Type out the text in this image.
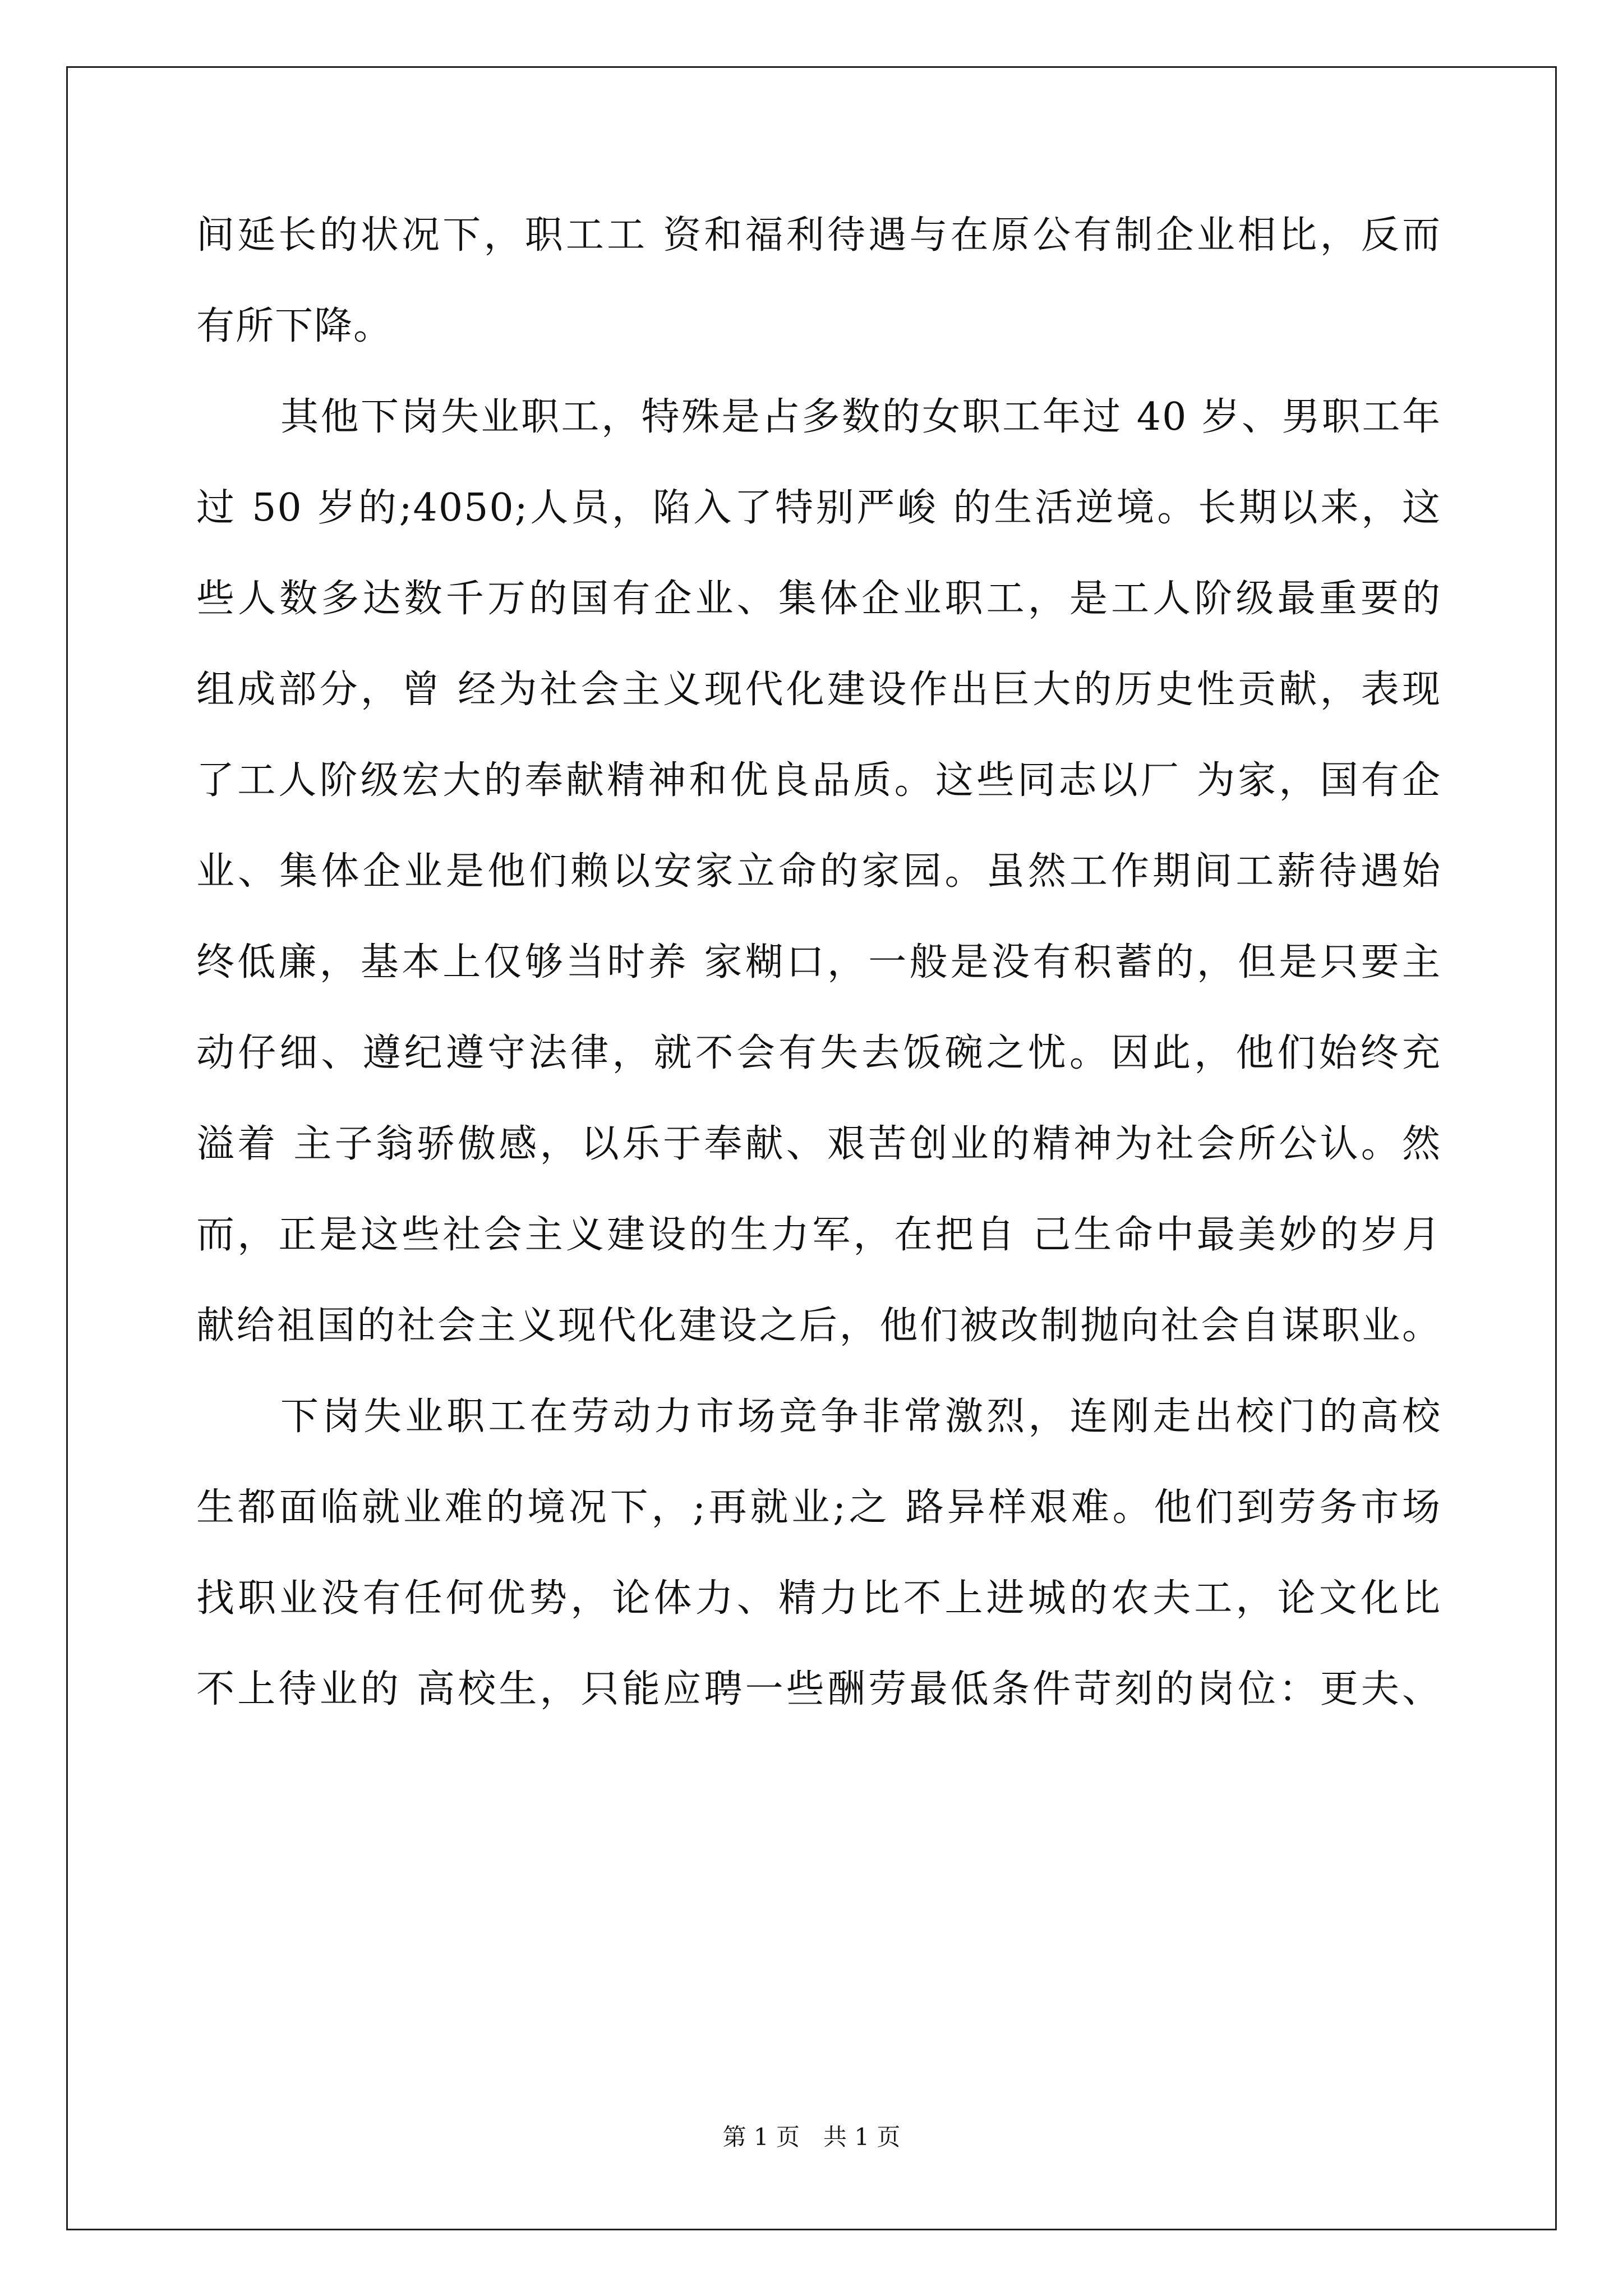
间延长的状况下，职工工 资和福利待遇与在原公有制企业相比，反而
有所下降。
其他下岗失业职工，特殊是占多数的女职工年过 40 岁、男职工年
过 50 岁的;4050;人员，陷入了特别严峻 的生活逆境。长期以来，这
些人数多达数千万的国有企业、集体企业职工，是工人阶级最重要的
组成部分，曾 经为社会主义现代化建设作出巨大的历史性贡献，表现
了工人阶级宏大的奉献精神和优良品质。这些同志以厂 为家，国有企
业、集体企业是他们赖以安家立命的家园。虽然工作期间工薪待遇始
终低廉，基本上仅够当时养 家糊口，一般是没有积蓄的，但是只要主
动仔细、遵纪遵守法律，就不会有失去饭碗之忧。因此，他们始终充
溢着 主子翁骄傲感，以乐于奉献、艰苦创业的精神为社会所公认。然
而，正是这些社会主义建设的生力军，在把自 己生命中最美妙的岁月
献给祖国的社会主义现代化建设之后，他们被改制抛向社会自谋职业。
下岗失业职工在劳动力市场竞争非常激烈，连刚走出校门的高校
生都面临就业难的境况下，;再就业;之 路异样艰难。他们到劳务市场
找职业没有任何优势，论体力、精力比不上进城的农夫工，论文化比
不上待业的 高校生，只能应聘一些酬劳最低条件苛刻的岗位：更夫、
第 1 页　共 1 页
